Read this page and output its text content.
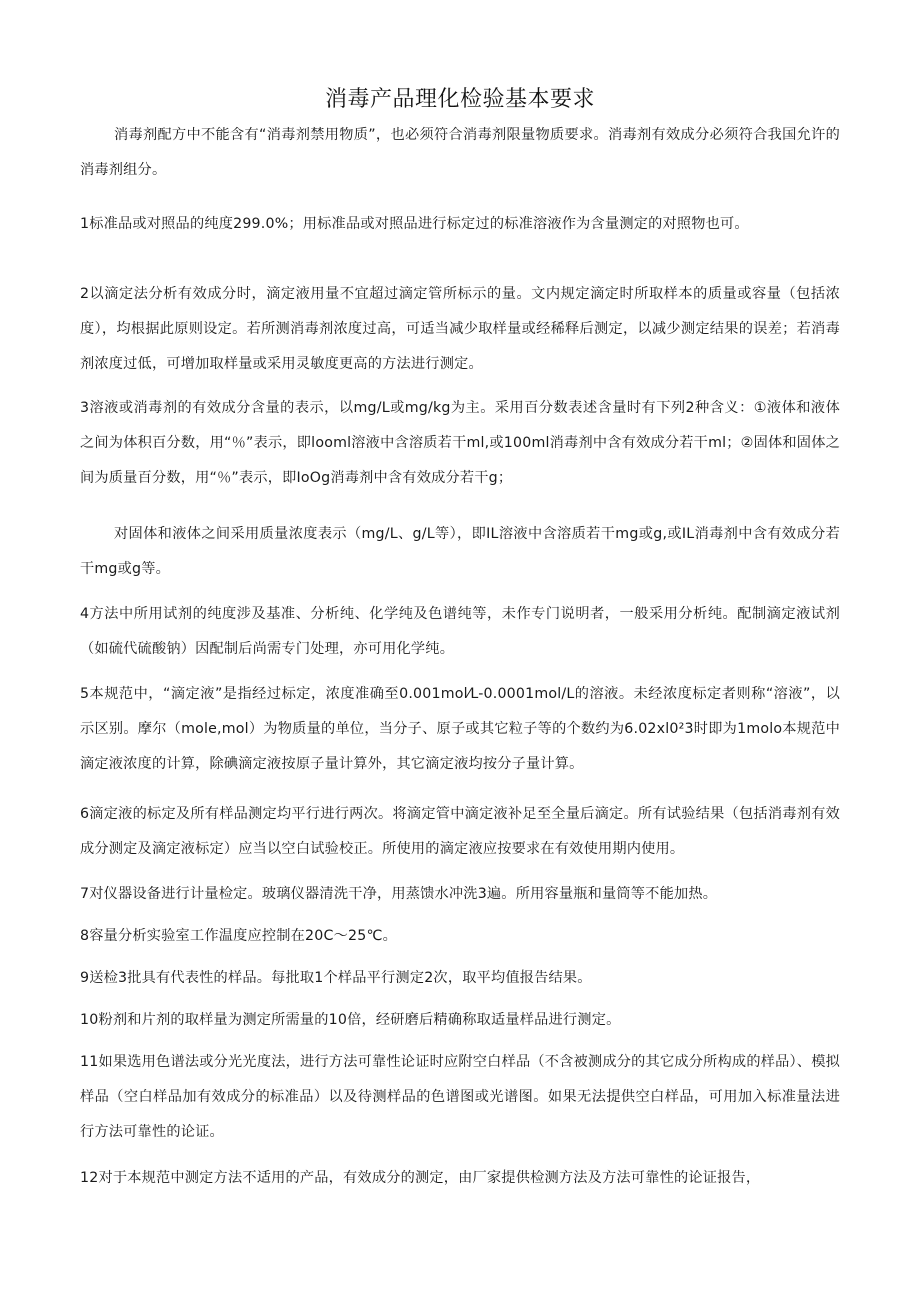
消毒产品理化检验基本要求

消毒剂配方中不能含有“消毒剂禁用物质”，也必须符合消毒剂限量物质要求。消毒剂有效成分必须符合我国允许的消毒剂组分。

1标准品或对照品的纯度299.0%；用标准品或对照品进行标定过的标准溶液作为含量测定的对照物也可。

2以滴定法分析有效成分时，滴定液用量不宜超过滴定管所标示的量。文内规定滴定时所取样本的质量或容量（包括浓度），均根据此原则设定。若所测消毒剂浓度过高，可适当减少取样量或经稀释后测定，以减少测定结果的误差；若消毒剂浓度过低，可增加取样量或采用灵敏度更高的方法进行测定。

3溶液或消毒剂的有效成分含量的表示，以mg/L或mg/kg为主。采用百分数表述含量时有下列2种含义：①液体和液体之间为体积百分数，用“％”表示，即looml溶液中含溶质若干ml,或100ml消毒剂中含有效成分若干ml；②固体和固体之间为质量百分数，用“％”表示，即IoOg消毒剂中含有效成分若干g；

对固体和液体之间采用质量浓度表示（mg/L、g/L等），即IL溶液中含溶质若干mg或g,或IL消毒剂中含有效成分若干mg或g等。

4方法中所用试剂的纯度涉及基准、分析纯、化学纯及色谱纯等，未作专门说明者，一般采用分析纯。配制滴定液试剂（如硫代硫酸钠）因配制后尚需专门处理，亦可用化学纯。

5本规范中，“滴定液”是指经过标定，浓度准确至0.001mol⁄L-0.0001mol/L的溶液。未经浓度标定者则称“溶液”，以示区别。摩尔（mole,mol）为物质量的单位，当分子、原子或其它粒子等的个数约为6.02xl0²3时即为1molo本规范中滴定液浓度的计算，除碘滴定液按原子量计算外，其它滴定液均按分子量计算。

6滴定液的标定及所有样品测定均平行进行两次。将滴定管中滴定液补足至全量后滴定。所有试验结果（包括消毒剂有效成分测定及滴定液标定）应当以空白试验校正。所使用的滴定液应按要求在有效使用期内使用。

7对仪器设备进行计量检定。玻璃仪器清洗干净，用蒸馈水冲洗3遍。所用容量瓶和量筒等不能加热。

8容量分析实验室工作温度应控制在20C～25℃。

9送检3批具有代表性的样品。每批取1个样品平行测定2次，取平均值报告结果。

10粉剂和片剂的取样量为测定所需量的10倍，经研磨后精确称取适量样品进行测定。

11如果选用色谱法或分光光度法，进行方法可靠性论证时应附空白样品（不含被测成分的其它成分所构成的样品）、模拟样品（空白样品加有效成分的标准品）以及待测样品的色谱图或光谱图。如果无法提供空白样品，可用加入标准量法进行方法可靠性的论证。

12对于本规范中测定方法不适用的产品，有效成分的测定，由厂家提供检测方法及方法可靠性的论证报告，
